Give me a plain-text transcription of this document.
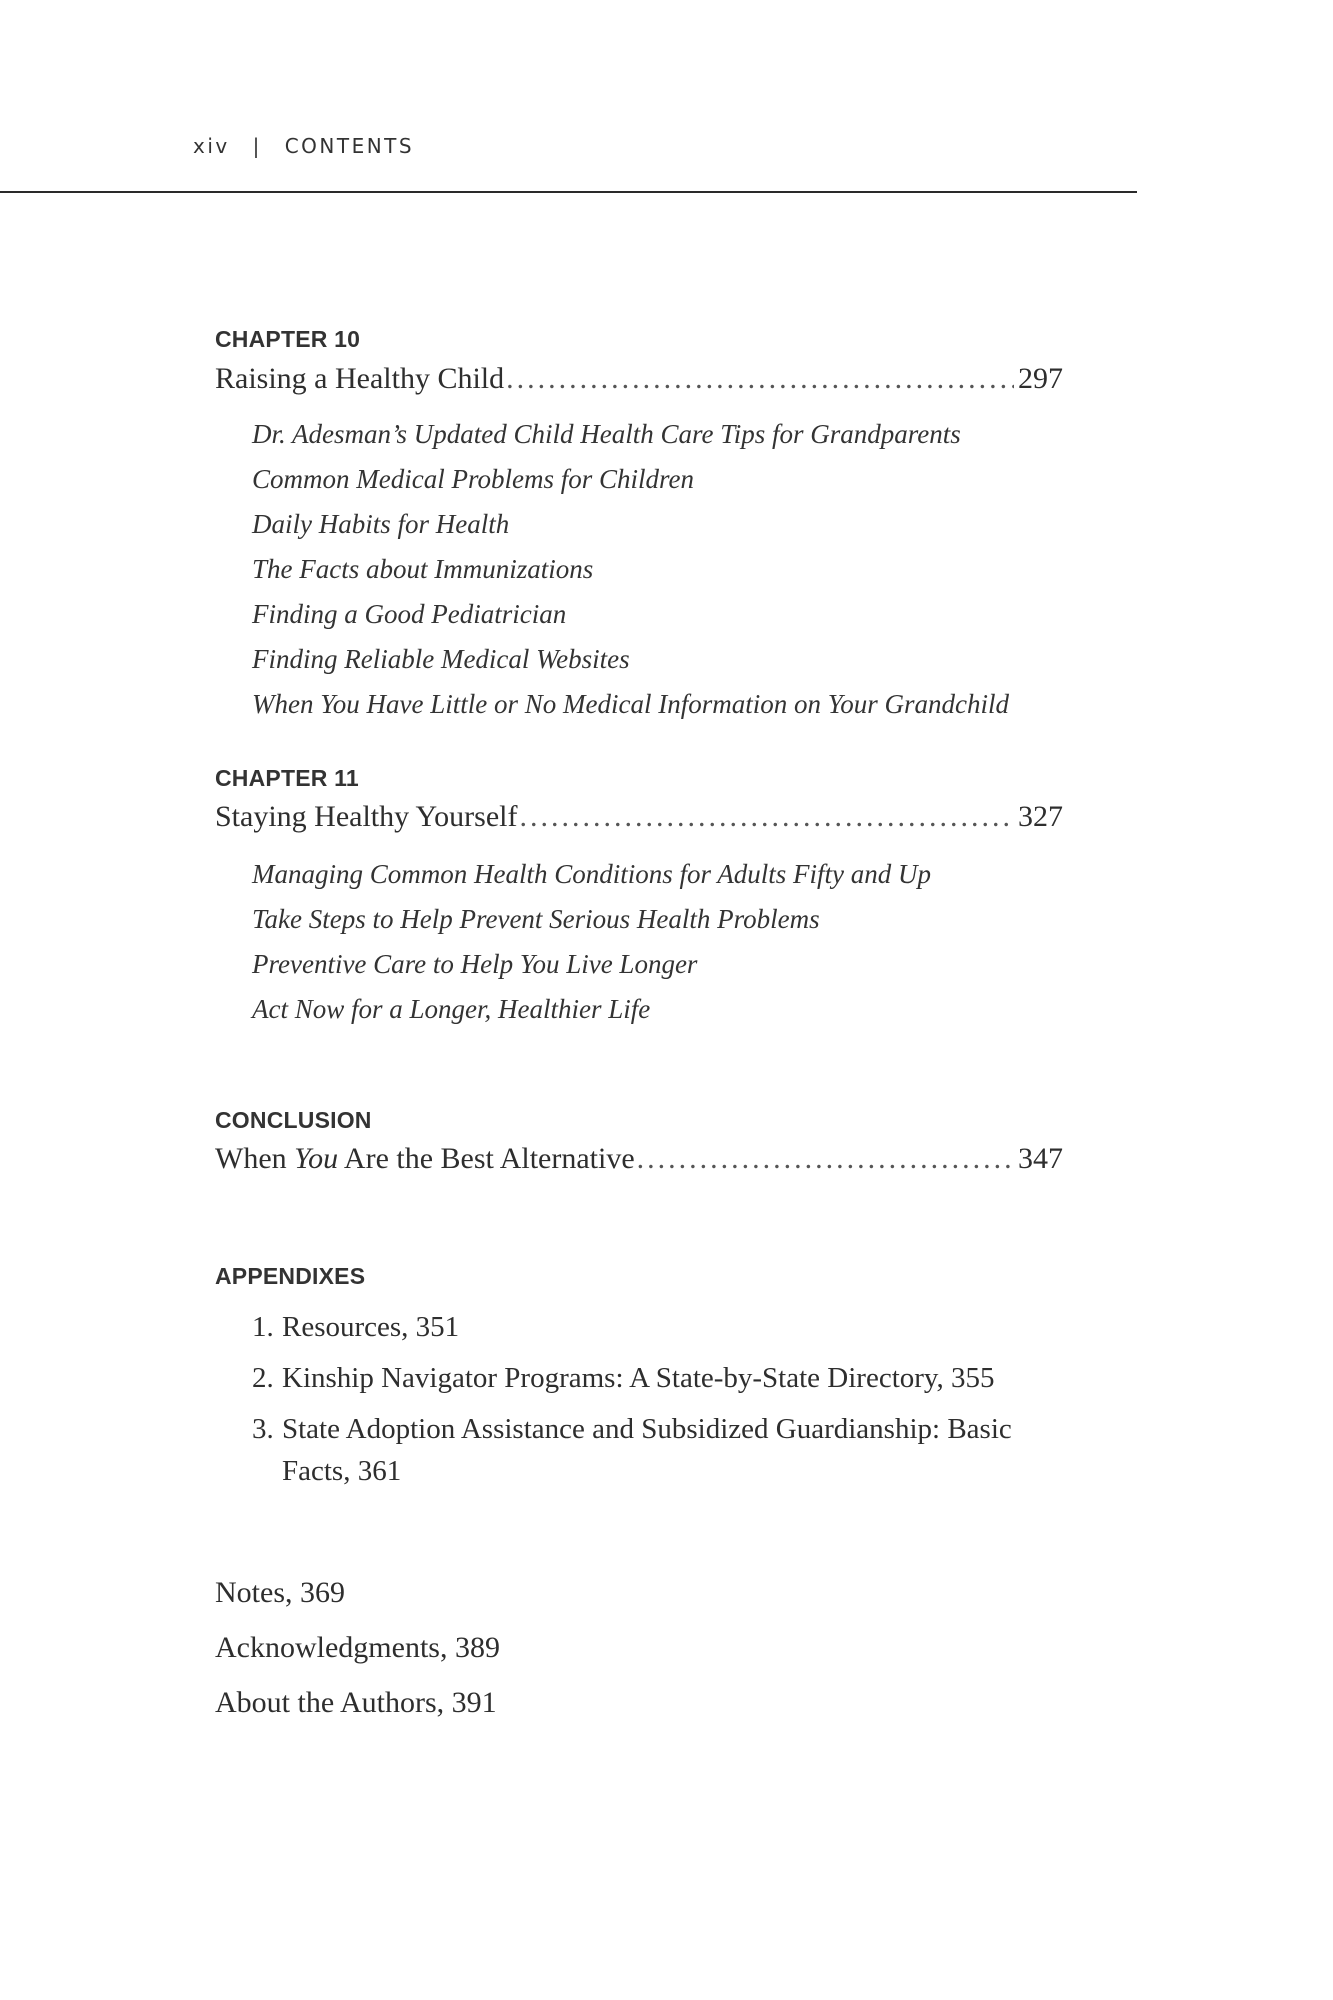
xiv | CONTENTS
CHAPTER 10
Raising a Healthy Child .....	297
Dr. Adesman’s Updated Child Health Care Tips for Grandparents
Common Medical Problems for Children
Daily Habits for Health
The Facts about Immunizations
Finding a Good Pediatrician
Finding Reliable Medical Websites
When You Have Little or No Medical Information on Your Grandchild
CHAPTER 11
Staying Healthy Yourself .....	327
Managing Common Health Conditions for Adults Fifty and Up
Take Steps to Help Prevent Serious Health Problems
Preventive Care to Help You Live Longer
Act Now for a Longer, Healthier Life
CONCLUSION
When You Are the Best Alternative .....	347
APPENDIXES
1. Resources, 351
2. Kinship Navigator Programs: A State-by-State Directory, 355
3. State Adoption Assistance and Subsidized Guardianship: Basic Facts, 361
Notes, 369
Acknowledgments, 389
About the Authors, 391
